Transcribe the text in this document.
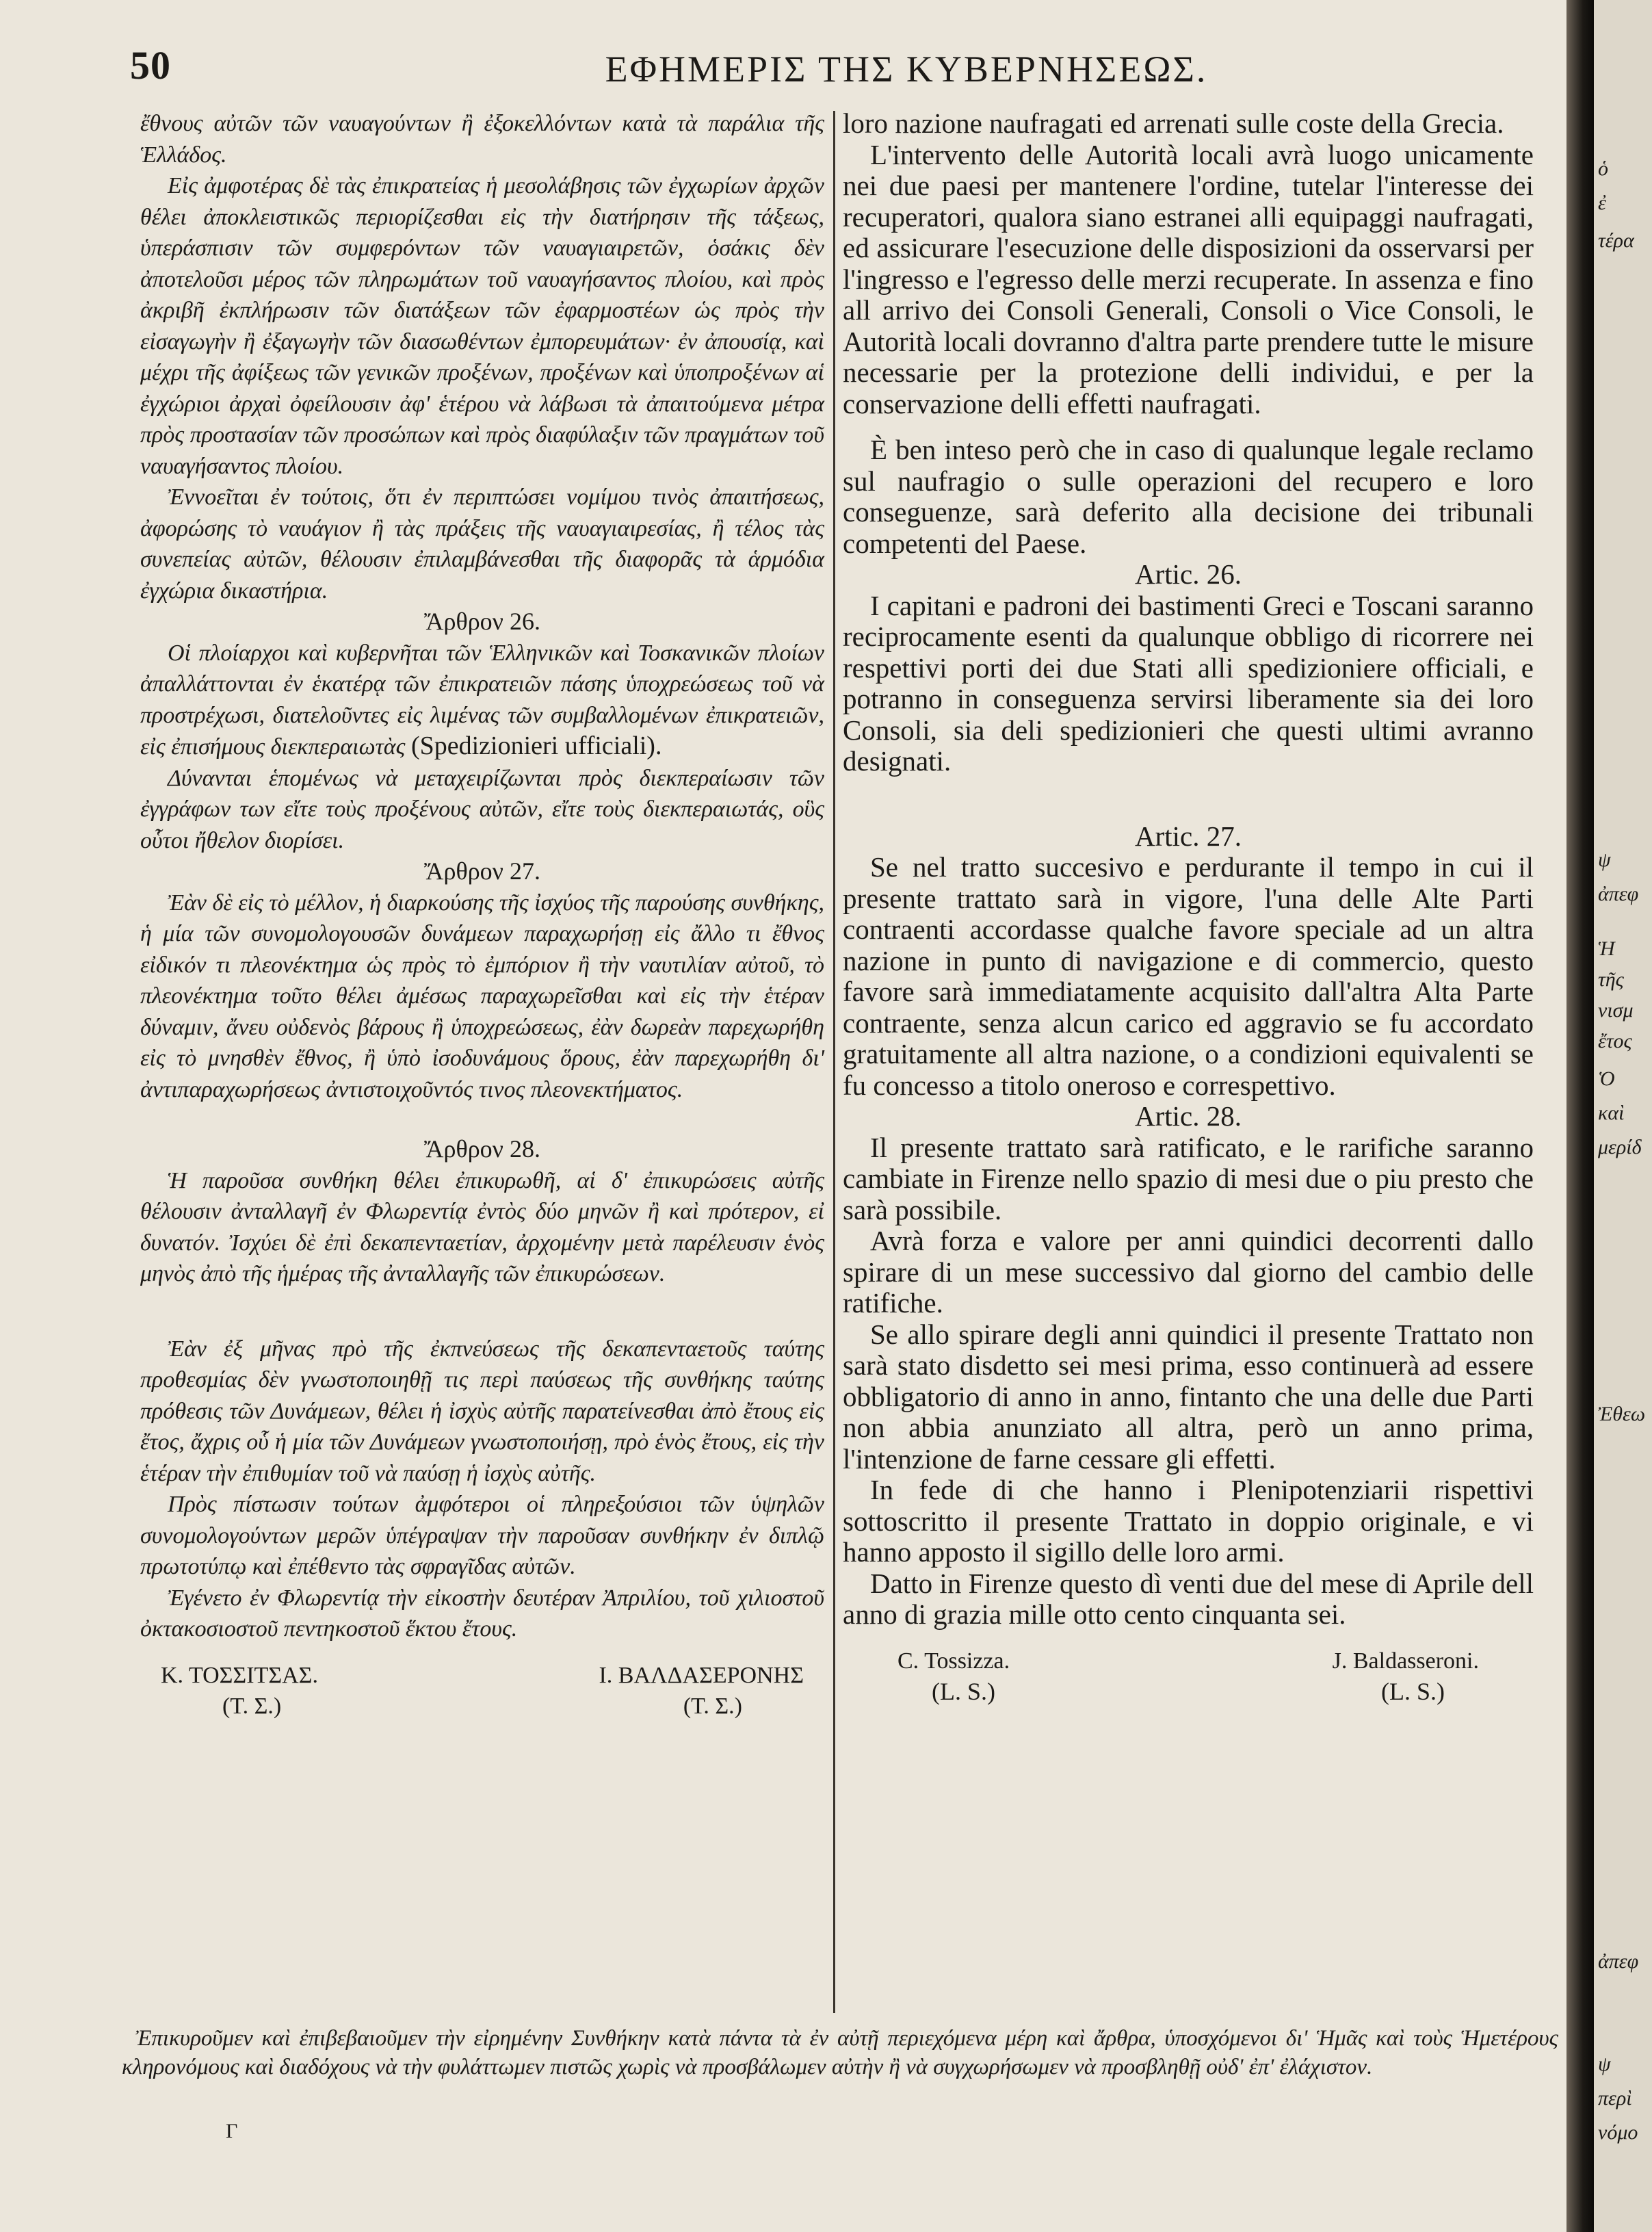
50	ΕΦΗΜΕΡΙΣ ΤΗΣ ΚΥΒΕΡΝΗΣΕΩΣ.

ἔθνους αὐτῶν τῶν ναυαγούντων ἢ ἐξοκελλόντων κατὰ τὰ παράλια τῆς Ἑλλάδος.

Εἰς ἀμφοτέρας δὲ τὰς ἐπικρατείας ἡ μεσολάβησις τῶν ἐγχωρίων ἀρχῶν θέλει ἀποκλειστικῶς περιορίζεσθαι εἰς τὴν διατήρησιν τῆς τάξεως, ὑπεράσπισιν τῶν συμφερόντων τῶν ναυαγιαιρετῶν, ὁσάκις δὲν ἀποτελοῦσι μέρος τῶν πληρωμάτων τοῦ ναυαγήσαντος πλοίου, καὶ πρὸς ἀκριβῆ ἐκπλήρωσιν τῶν διατάξεων τῶν ἐφαρμοστέων ὡς πρὸς τὴν εἰσαγωγὴν ἢ ἐξαγωγὴν τῶν διασωθέντων ἐμπορευμάτων· ἐν ἀπουσίᾳ, καὶ μέχρι τῆς ἀφίξεως τῶν γενικῶν προξένων, προξένων καὶ ὑποπροξένων αἱ ἐγχώριοι ἀρχαὶ ὀφείλουσιν ἀφ' ἑτέρου νὰ λάβωσι τὰ ἀπαιτούμενα μέτρα πρὸς προστασίαν τῶν προσώπων καὶ πρὸς διαφύλαξιν τῶν πραγμάτων τοῦ ναυαγήσαντος πλοίου.

Ἐννοεῖται ἐν τούτοις, ὅτι ἐν περιπτώσει νομίμου τινὸς ἀπαιτήσεως, ἀφορώσης τὸ ναυάγιον ἢ τὰς πράξεις τῆς ναυαγιαιρεσίας, ἢ τέλος τὰς συνεπείας αὐτῶν, θέλουσιν ἐπιλαμβάνεσθαι τῆς διαφορᾶς τὰ ἁρμόδια ἐγχώρια δικαστήρια.

Ἄρθρον 26.

Οἱ πλοίαρχοι καὶ κυβερνῆται τῶν Ἑλληνικῶν καὶ Τοσκανικῶν πλοίων ἀπαλλάττονται ἐν ἑκατέρᾳ τῶν ἐπικρατειῶν πάσης ὑποχρεώσεως τοῦ νὰ προστρέχωσι, διατελοῦντες εἰς λιμένας τῶν συμβαλλομένων ἐπικρατειῶν, εἰς ἐπισήμους διεκπεραιωτὰς (Spedizionieri ufficiali).

Δύνανται ἑπομένως νὰ μεταχειρίζωνται πρὸς διεκπεραίωσιν τῶν ἐγγράφων των εἴτε τοὺς προξένους αὐτῶν, εἴτε τοὺς διεκπεραιωτάς, οὓς οὗτοι ἤθελον διορίσει.

Ἄρθρον 27.

Ἐὰν δὲ εἰς τὸ μέλλον, ἡ διαρκούσης τῆς ἰσχύος τῆς παρούσης συνθήκης, ἡ μία τῶν συνομολογουσῶν δυνάμεων παραχωρήσῃ εἰς ἄλλο τι ἔθνος εἰδικόν τι πλεονέκτημα ὡς πρὸς τὸ ἐμπόριον ἢ τὴν ναυτιλίαν αὐτοῦ, τὸ πλεονέκτημα τοῦτο θέλει ἀμέσως παραχωρεῖσθαι καὶ εἰς τὴν ἑτέραν δύναμιν, ἄνευ οὐδενὸς βάρους ἢ ὑποχρεώσεως, ἐὰν δωρεὰν παρεχωρήθη εἰς τὸ μνησθὲν ἔθνος, ἢ ὑπὸ ἰσοδυνάμους ὅρους, ἐὰν παρεχωρήθη δι' ἀντιπαραχωρήσεως ἀντιστοιχοῦντός τινος πλεονεκτήματος.

Ἄρθρον 28.

Ἡ παροῦσα συνθήκη θέλει ἐπικυρωθῆ, αἱ δ' ἐπικυρώσεις αὐτῆς θέλουσιν ἀνταλλαγῆ ἐν Φλωρεντίᾳ ἐντὸς δύο μηνῶν ἢ καὶ πρότερον, εἰ δυνατόν. Ἰσχύει δὲ ἐπὶ δεκαπενταετίαν, ἀρχομένην μετὰ παρέλευσιν ἑνὸς μηνὸς ἀπὸ τῆς ἡμέρας τῆς ἀνταλλαγῆς τῶν ἐπικυρώσεων.

Ἐὰν ἐξ μῆνας πρὸ τῆς ἐκπνεύσεως τῆς δεκαπενταετοῦς ταύτης προθεσμίας δὲν γνωστοποιηθῇ τις περὶ παύσεως τῆς συνθήκης ταύτης πρόθεσις τῶν Δυνάμεων, θέλει ἡ ἰσχὺς αὐτῆς παρατείνεσθαι ἀπὸ ἔτους εἰς ἔτος, ἄχρις οὗ ἡ μία τῶν Δυνάμεων γνωστοποιήσῃ, πρὸ ἑνὸς ἔτους, εἰς τὴν ἑτέραν τὴν ἐπιθυμίαν τοῦ νὰ παύσῃ ἡ ἰσχὺς αὐτῆς.

Πρὸς πίστωσιν τούτων ἀμφότεροι οἱ πληρεξούσιοι τῶν ὑψηλῶν συνομολογούντων μερῶν ὑπέγραψαν τὴν παροῦσαν συνθήκην ἐν διπλῷ πρωτοτύπῳ καὶ ἐπέθεντο τὰς σφραγῖδας αὐτῶν.

Ἐγένετο ἐν Φλωρεντίᾳ τὴν εἰκοστὴν δευτέραν Ἀπριλίου, τοῦ χιλιοστοῦ ὀκτακοσιοστοῦ πεντηκοστοῦ ἕκτου ἔτους.

Κ. ΤΟΣΣΙΤΣΑΣ.	Ι. ΒΑΛΔΑΣΕΡΟΝΗΣ
(Τ. Σ.)	(Τ. Σ.)

loro nazione naufragati ed arrenati sulle coste della Grecia.

L'intervento delle Autorità locali avrà luogo unicamente nei due paesi per mantenere l'ordine, tutelar l'interesse dei recuperatori, qualora siano estranei alli equipaggi naufragati, ed assicurare l'esecuzione delle disposizioni da osservarsi per l'ingresso e l'egresso delle merzi recuperate. In assenza e fino all arrivo dei Consoli Generali, Consoli o Vice Consoli, le Autorità locali dovranno d'altra parte prendere tutte le misure necessarie per la protezione delli individui, e per la conservazione delli effetti naufragati.

È ben inteso però che in caso di qualunque legale reclamo sul naufragio o sulle operazioni del recupero e loro conseguenze, sarà deferito alla decisione dei tribunali competenti del Paese.

Artic. 26.

I capitani e padroni dei bastimenti Greci e Toscani saranno reciprocamente esenti da qualunque obbligo di ricorrere nei respettivi porti dei due Stati alli spedizioniere officiali, e potranno in conseguenza servirsi liberamente sia dei loro Consoli, sia deli spedizionieri che questi ultimi avranno designati.

Artic. 27.

Se nel tratto succesivo e perdurante il tempo in cui il presente trattato sarà in vigore, l'una delle Alte Parti contraenti accordasse qualche favore speciale ad un altra nazione in punto di navigazione e di commercio, questo favore sarà immediatamente acquisito dall'altra Alta Parte contraente, senza alcun carico ed aggravio se fu accordato gratuitamente all altra nazione, o a condizioni equivalenti se fu concesso a titolo oneroso e correspettivo.

Artic. 28.

Il presente trattato sarà ratificato, e le rarifiche saranno cambiate in Firenze nello spazio di mesi due o piu presto che sarà possibile.

Avrà forza e valore per anni quindici decorrenti dallo spirare di un mese successivo dal giorno del cambio delle ratifiche.

Se allo spirare degli anni quindici il presente Trattato non sarà stato disdetto sei mesi prima, esso continuerà ad essere obbligatorio di anno in anno, fintanto che una delle due Parti non abbia anunziato all altra, però un anno prima, l'intenzione de farne cessare gli effetti.

In fede di che hanno i Plenipotenziarii rispettivi sottoscritto il presente Trattato in doppio originale, e vi hanno apposto il sigillo delle loro armi.

Datto in Firenze questo dì venti due del mese di Aprile dell anno di grazia mille otto cento cinquanta sei.

C. Tossizza.	J. Baldasseroni.
(L. S.)	(L. S.)

Ἐπικυροῦμεν καὶ ἐπιβεβαιοῦμεν τὴν εἰρημένην Συνθήκην κατὰ πάντα τὰ ἐν αὐτῇ περιεχόμενα μέρη καὶ ἄρθρα, ὑποσχόμενοι δι' Ἡμᾶς καὶ τοὺς Ἡμετέρους κληρονόμους καὶ διαδόχους νὰ τὴν φυλάττωμεν πιστῶς χωρὶς νὰ προσβάλωμεν αὐτὴν ἢ νὰ συγχωρήσωμεν νὰ προσβληθῇ οὐδ' ἐπ' ἐλάχιστον.

Γ
ὁ
ἐ
τέρα
ψ
ἀπεφ
Ἡ
τῆς
νισμ
ἔτος
Ὁ
καὶ
μερίδ
Ἐθεω
ἀπεφ
ψ
περὶ
νόμο
